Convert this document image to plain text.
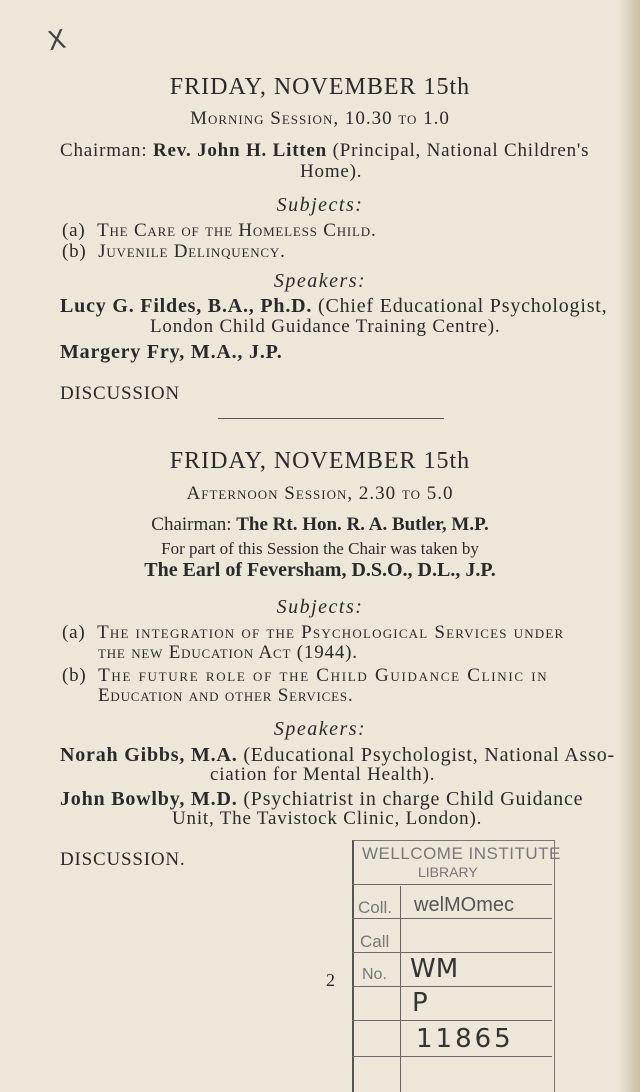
X
FRIDAY, NOVEMBER 15th
Morning Session, 10.30 to 1.0
Chairman: Rev. John H. Litten (Principal, National Children's
Home).
Subjects:
(a) The Care of the Homeless Child.
(b) Juvenile Delinquency.
Speakers:
Lucy G. Fildes, B.A., Ph.D. (Chief Educational Psychologist,
London Child Guidance Training Centre).
Margery Fry, M.A., J.P.
DISCUSSION
FRIDAY, NOVEMBER 15th
Afternoon Session, 2.30 to 5.0
Chairman: The Rt. Hon. R. A. Butler, M.P.
For part of this Session the Chair was taken by
The Earl of Feversham, D.S.O., D.L., J.P.
Subjects:
(a) The integration of the Psychological Services under
the new Education Act (1944).
(b) The future role of the Child Guidance Clinic in
Education and other Services.
Speakers:
Norah Gibbs, M.A. (Educational Psychologist, National Asso-
ciation for Mental Health).
John Bowlby, M.D. (Psychiatrist in charge Child Guidance
Unit, The Tavistock Clinic, London).
DISCUSSION.
2
WELLCOME INSTITUTE
LIBRARY
Coll. welMOmec
Call
No. WM
P
11865
